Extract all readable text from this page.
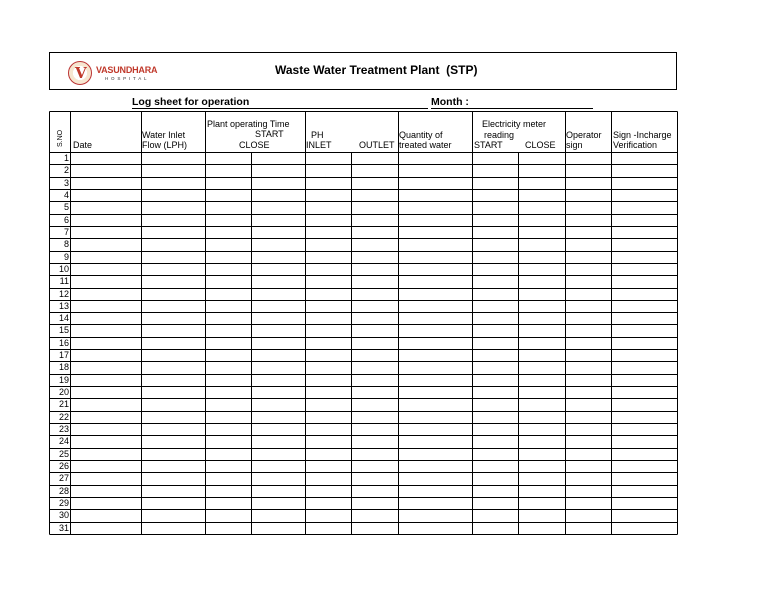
V VASUNDHARA
HOSPITAL
Waste Water Treatment Plant  (STP)
Log sheet for operation	Month :
S.NO Date
Water Inlet
Flow (LPH)
Plant operating Time
START
CLOSE
PH
INLET	OUTLET
Quantity of
treated water
Electricity meter
reading
START CLOSE
Operator
sign
Sign -Incharge
Verification
1
2
3
4
5
6
7
8
9
10
11
12
13
14
15
16
17
18
19
20
21
22
23
24
25
26
27
28
29
30
31
